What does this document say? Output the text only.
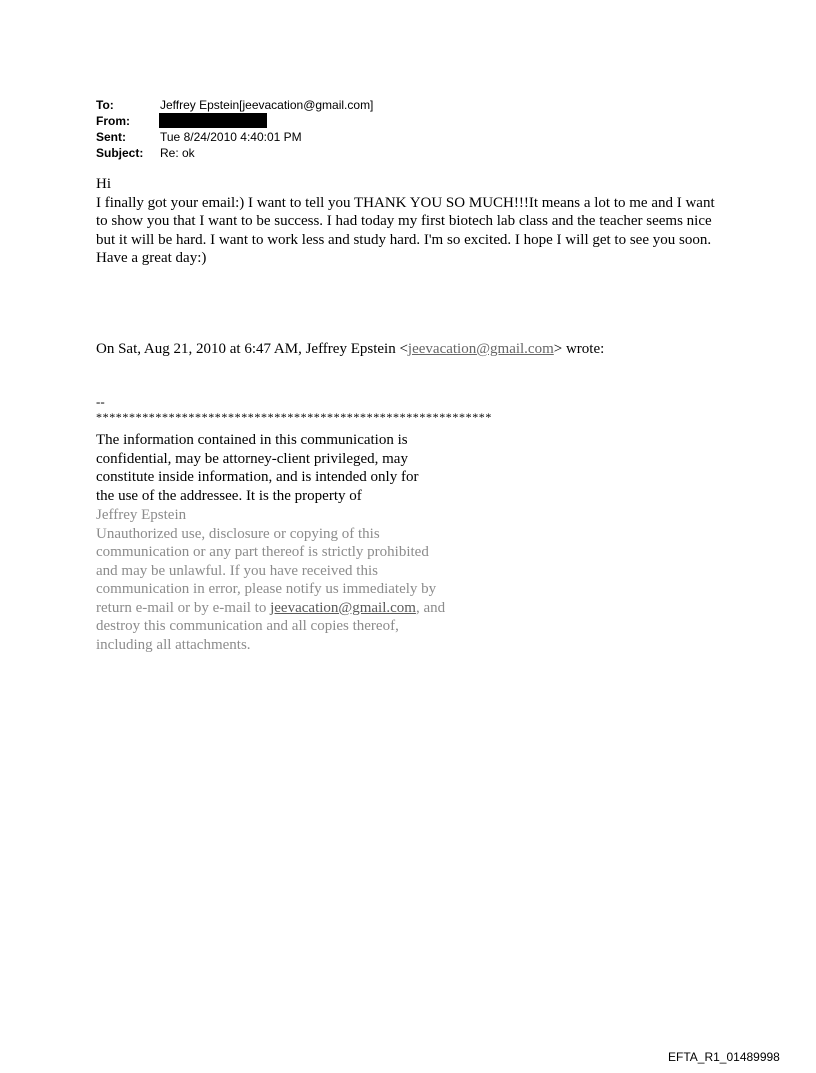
To:	Jeffrey Epstein[jeevacation@gmail.com]
From:
Sent:	Tue 8/24/2010 4:40:01 PM
Subject:	Re: ok

Hi

I finally got your email:) I want to tell you THANK YOU SO MUCH!!!It means a lot to me and I want to show you that I want to be success. I had today my first biotech lab class and the teacher seems nice but it will be hard. I want to work less and study hard. I'm so excited. I hope I will get to see you soon.

Have a great day:)

On Sat, Aug 21, 2010 at 6:47 AM, Jeffrey Epstein <jeevacation@gmail.com> wrote:
--
************************************************************
The information contained in this communication is
confidential, may be attorney-client privileged, may
constitute inside information, and is intended only for
the use of the addressee. It is the property of
Jeffrey Epstein
Unauthorized use, disclosure or copying of this
communication or any part thereof is strictly prohibited
and may be unlawful. If you have received this
communication in error, please notify us immediately by
return e-mail or by e-mail to jeevacation@gmail.com, and
destroy this communication and all copies thereof,
including all attachments.
EFTA_R1_01489998
